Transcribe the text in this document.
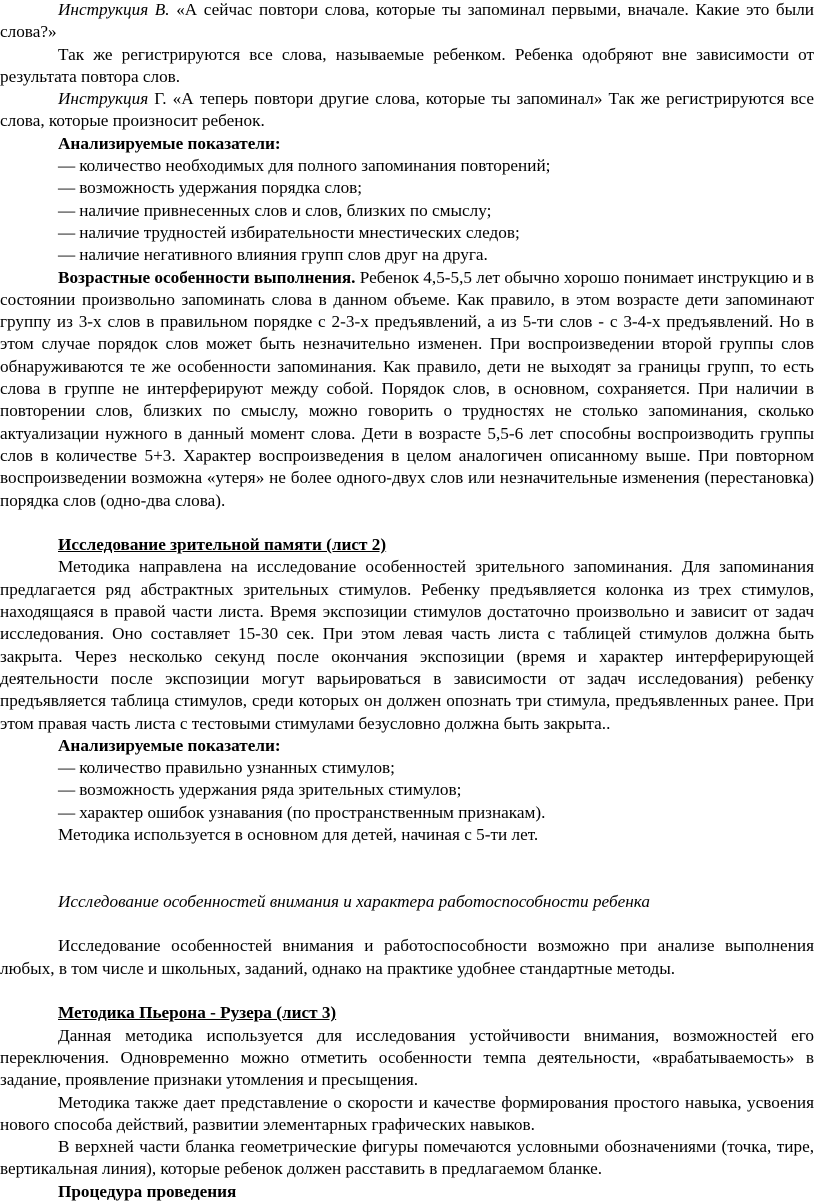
Инструкция В. «А сейчас повтори слова, которые ты запоминал первыми, вначале. Какие это были слова?»

Так же регистрируются все слова, называемые ребенком. Ребенка одобряют вне зависимости от результата повтора слов.

Инструкция Г. «А теперь повтори другие слова, которые ты запоминал» Так же регистрируются все слова, которые произносит ребенок.

Анализируемые показатели:

— количество необходимых для полного запоминания повторений;

— возможность удержания порядка слов;

— наличие привнесенных слов и слов, близких по смыслу;

— наличие трудностей избирательности мнестических следов;

— наличие негативного влияния групп слов друг на друга.

Возрастные особенности выполнения. Ребенок 4,5-5,5 лет обычно хорошо понимает инструкцию и в состоянии произвольно запоминать слова в данном объеме. Как правило, в этом возрасте дети запоминают группу из 3-х слов в правильном порядке с 2-3-х предъявлений, а из 5-ти слов - с 3-4-х предъявлений. Но в этом случае порядок слов может быть незначительно изменен. При воспроизведении второй группы слов обнаруживаются те же особенности запоминания. Как правило, дети не выходят за границы групп, то есть слова в группе не интерферируют между собой. Порядок слов, в основном, сохраняется. При наличии в повторении слов, близких по смыслу, можно говорить о трудностях не столько запоминания, сколько актуализации нужного в данный момент слова. Дети в возрасте 5,5-6 лет способны воспроизводить группы слов в количестве 5+3. Характер воспроизведения в целом аналогичен описанному выше. При повторном воспроизведении возможна «утеря» не более одного-двух слов или незначительные изменения (перестановка) порядка слов (одно-два слова).

Исследование зрительной памяти (лист 2)

Методика направлена на исследование особенностей зрительного запоминания. Для запоминания предлагается ряд абстрактных зрительных стимулов. Ребенку предъявляется колонка из трех стимулов, находящаяся в правой части листа. Время экспозиции стимулов достаточно произвольно и зависит от задач исследования. Оно составляет 15-30 сек. При этом левая часть листа с таблицей стимулов должна быть закрыта. Через несколько секунд после окончания экспозиции (время и характер интерферирующей деятельности после экспозиции могут варьироваться в зависимости от задач исследования) ребенку предъявляется таблица стимулов, среди которых он должен опознать три стимула, предъявленных ранее. При этом правая часть листа с тестовыми стимулами безусловно должна быть закрыта..

Анализируемые показатели:

— количество правильно узнанных стимулов;

— возможность удержания ряда зрительных стимулов;

— характер ошибок узнавания (по пространственным признакам).

Методика используется в основном для детей, начиная с 5-ти лет.

Исследование особенностей внимания и характера работоспособности ребенка

Исследование особенностей внимания и работоспособности возможно при анализе выполнения любых, в том числе и школьных, заданий, однако на практике удобнее стандартные методы.

Методика Пьерона - Рузера (лист 3)

Данная методика используется для исследования устойчивости внимания, возможностей его переключения. Одновременно можно отметить особенности темпа деятельности, «врабатываемость» в задание, проявление признаки утомления и пресыщения.

Методика также дает представление о скорости и качестве формирования простого навыка, усвоения нового способа действий, развитии элементарных графических навыков.

В верхней части бланка геометрические фигуры помечаются условными обозначениями (точка, тире, вертикальная линия), которые ребенок должен расставить в предлагаемом бланке.

Процедура проведения
